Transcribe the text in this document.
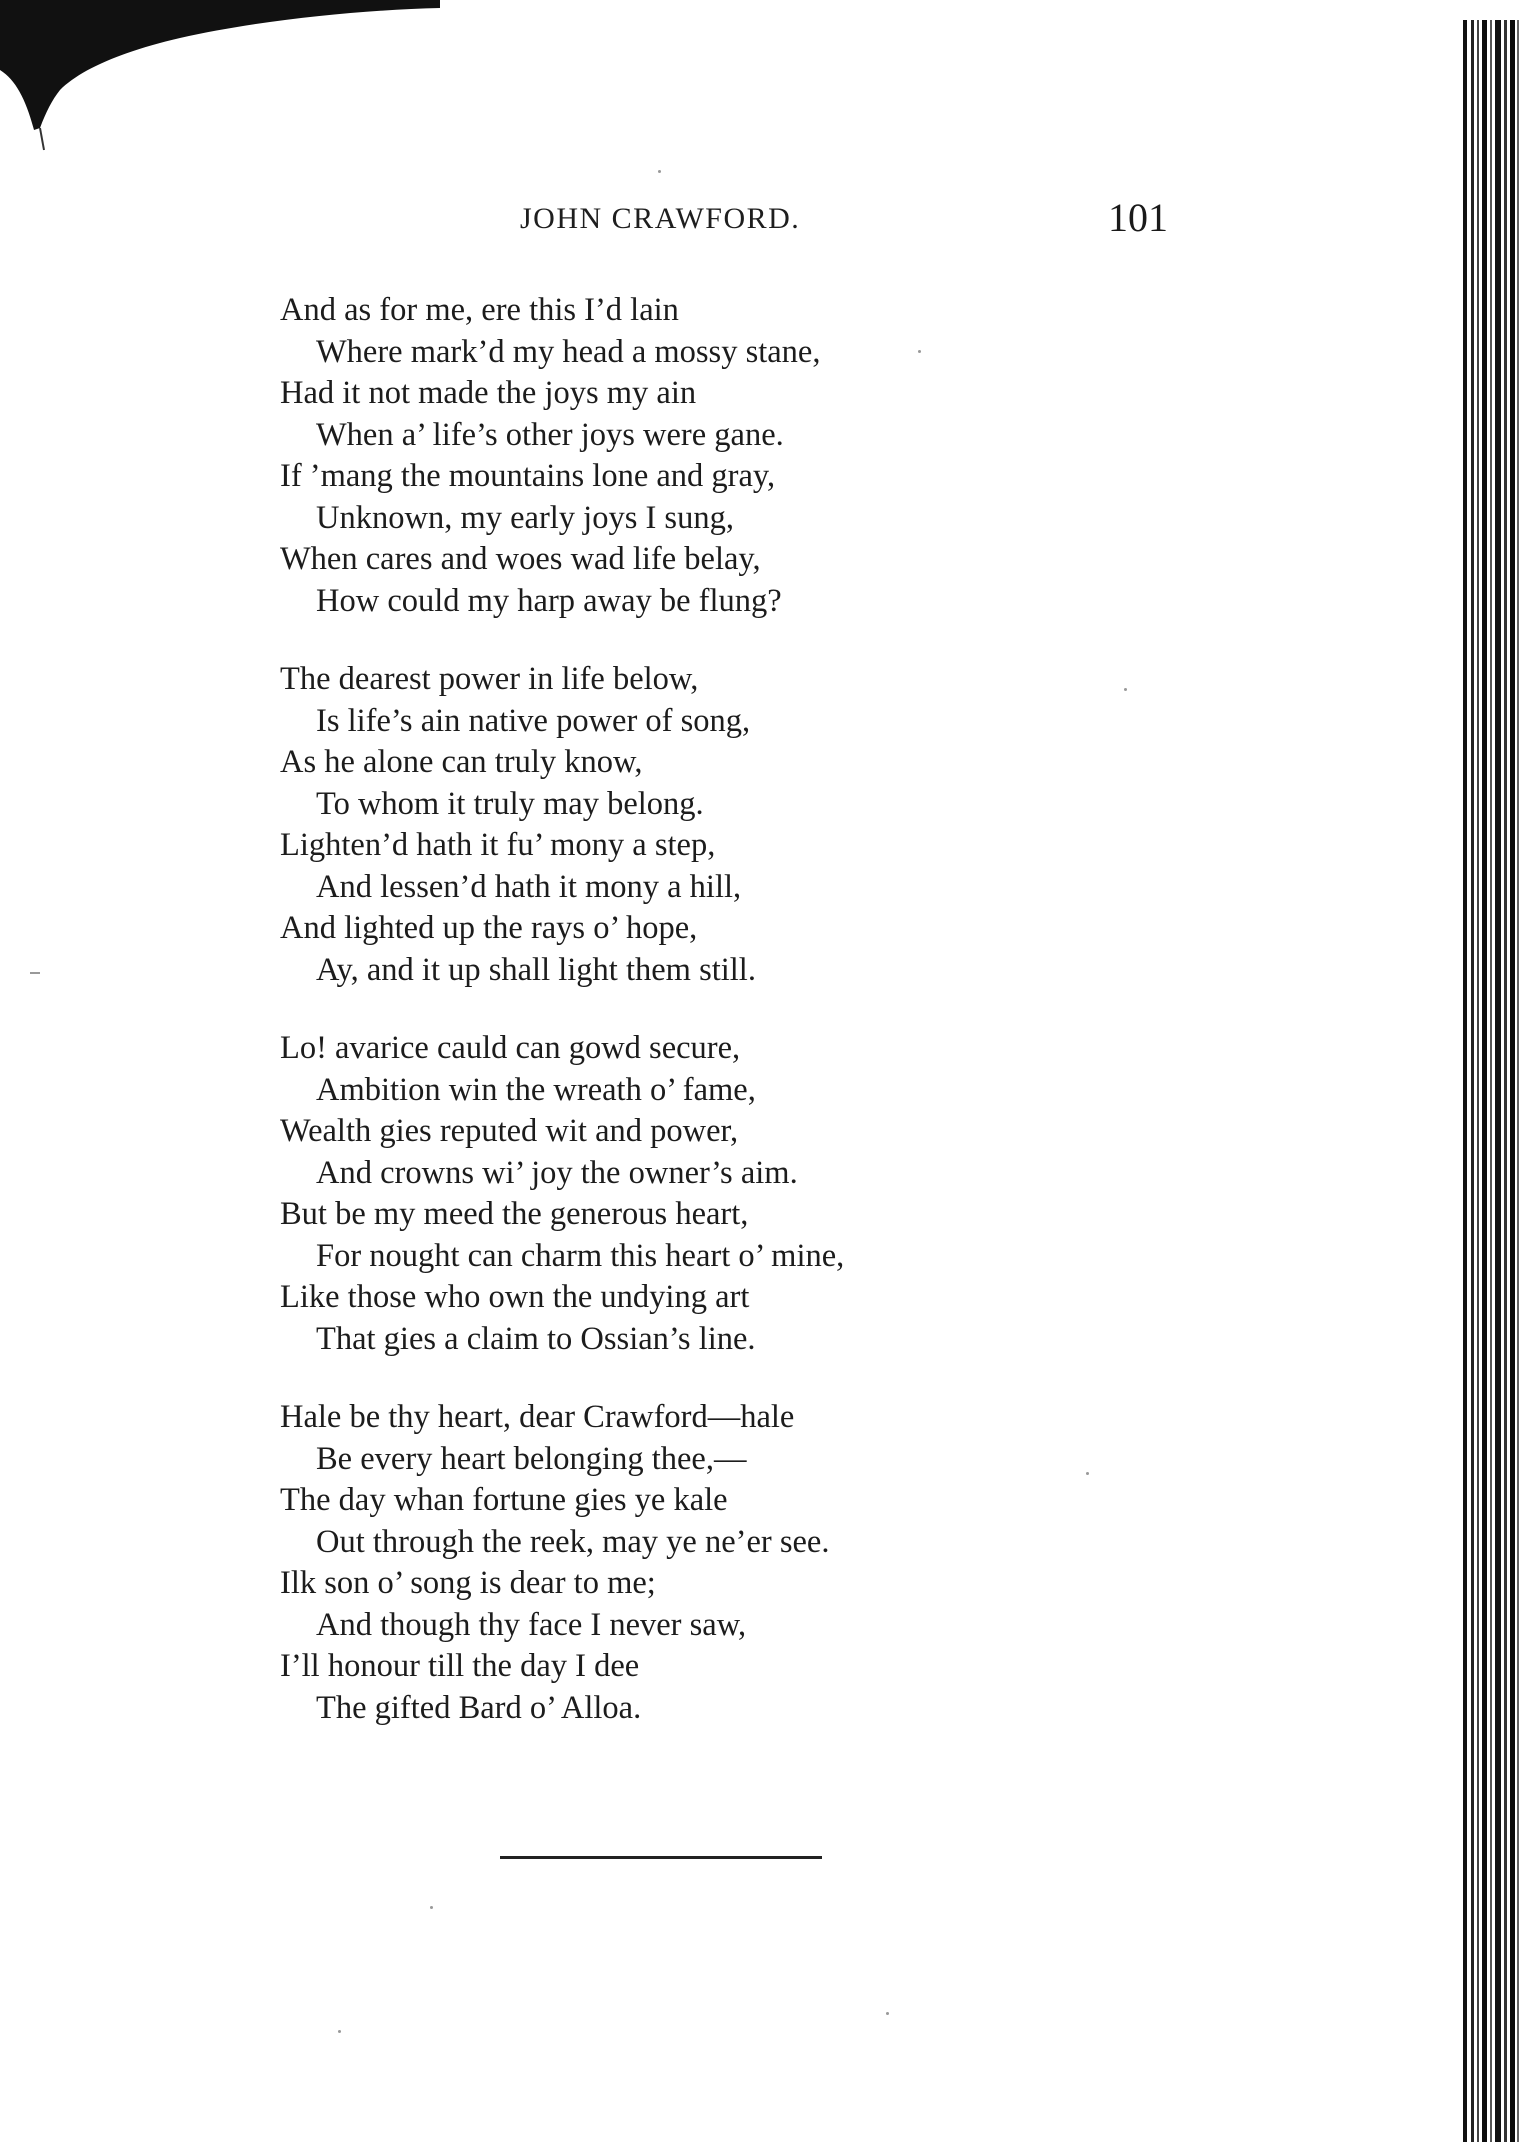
JOHN CRAWFORD.	101
And as for me, ere this I’d lain
Where mark’d my head a mossy stane,
Had it not made the joys my ain
When a’ life’s other joys were gane.
If ’mang the mountains lone and gray,
Unknown, my early joys I sung,
When cares and woes wad life belay,
How could my harp away be flung?
The dearest power in life below,
Is life’s ain native power of song,
As he alone can truly know,
To whom it truly may belong.
Lighten’d hath it fu’ mony a step,
And lessen’d hath it mony a hill,
And lighted up the rays o’ hope,
Ay, and it up shall light them still.
Lo! avarice cauld can gowd secure,
Ambition win the wreath o’ fame,
Wealth gies reputed wit and power,
And crowns wi’ joy the owner’s aim.
But be my meed the generous heart,
For nought can charm this heart o’ mine,
Like those who own the undying art
That gies a claim to Ossian’s line.
Hale be thy heart, dear Crawford—hale
Be every heart belonging thee,—
The day whan fortune gies ye kale
Out through the reek, may ye ne’er see.
Ilk son o’ song is dear to me;
And though thy face I never saw,
I’ll honour till the day I dee
The gifted Bard o’ Alloa.
